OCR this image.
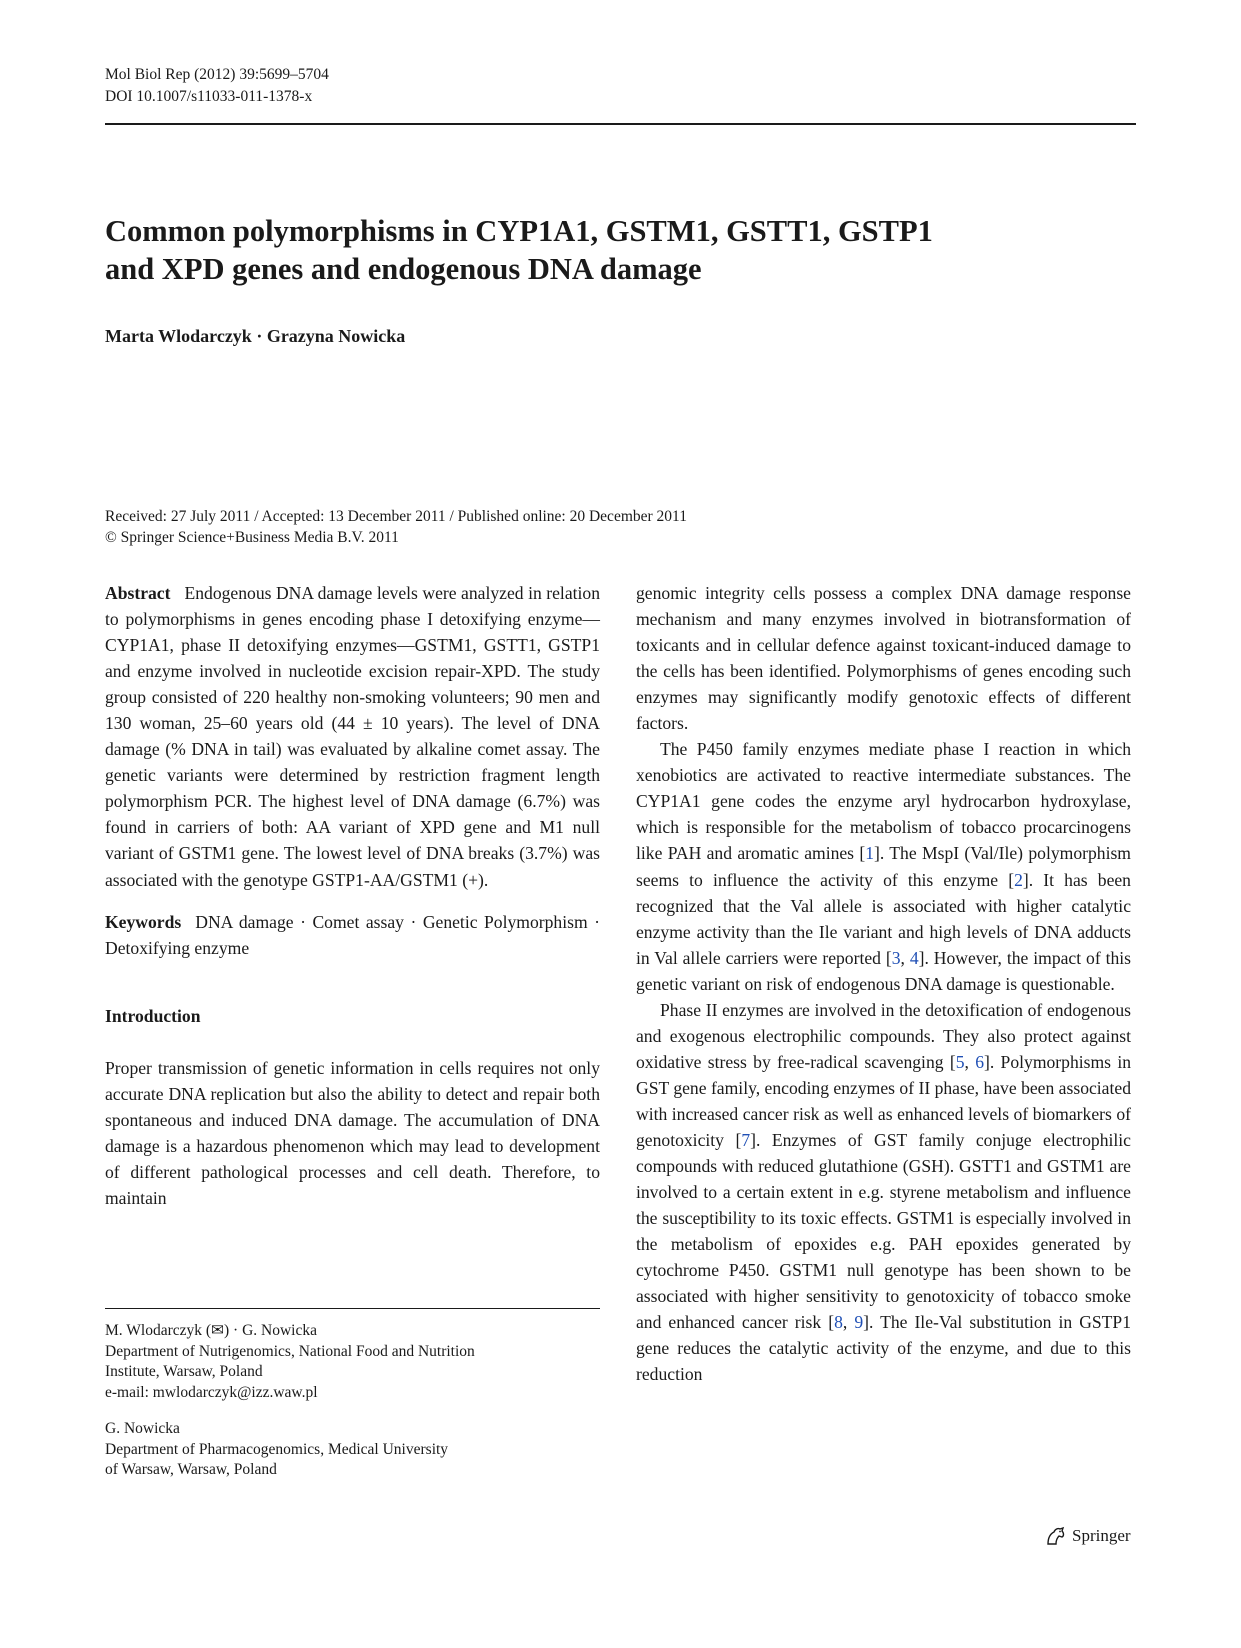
Mol Biol Rep (2012) 39:5699–5704
DOI 10.1007/s11033-011-1378-x
Common polymorphisms in CYP1A1, GSTM1, GSTT1, GSTP1
and XPD genes and endogenous DNA damage
Marta Wlodarczyk · Grazyna Nowicka
Received: 27 July 2011 / Accepted: 13 December 2011 / Published online: 20 December 2011
© Springer Science+Business Media B.V. 2011

Abstract Endogenous DNA damage levels were analyzed in relation to polymorphisms in genes encoding phase I detoxifying enzyme—CYP1A1, phase II detoxifying enzymes—GSTM1, GSTT1, GSTP1 and enzyme involved in nucleotide excision repair-XPD. The study group consisted of 220 healthy non-smoking volunteers; 90 men and 130 woman, 25–60 years old (44 ± 10 years). The level of DNA damage (% DNA in tail) was evaluated by alkaline comet assay. The genetic variants were determined by restriction fragment length polymorphism PCR. The highest level of DNA damage (6.7%) was found in carriers of both: AA variant of XPD gene and M1 null variant of GSTM1 gene. The lowest level of DNA breaks (3.7%) was associated with the genotype GSTP1-AA/GSTM1 (+).

Keywords DNA damage · Comet assay · Genetic Polymorphism · Detoxifying enzyme

Introduction

Proper transmission of genetic information in cells requires not only accurate DNA replication but also the ability to detect and repair both spontaneous and induced DNA damage. The accumulation of DNA damage is a hazardous phenomenon which may lead to development of different pathological processes and cell death. Therefore, to maintain

M. Wlodarczyk (✉) · G. Nowicka
Department of Nutrigenomics, National Food and Nutrition
Institute, Warsaw, Poland
e-mail: mwlodarczyk@izz.waw.pl
G. Nowicka
Department of Pharmacogenomics, Medical University
of Warsaw, Warsaw, Poland

genomic integrity cells possess a complex DNA damage response mechanism and many enzymes involved in biotransformation of toxicants and in cellular defence against toxicant-induced damage to the cells has been identified. Polymorphisms of genes encoding such enzymes may significantly modify genotoxic effects of different factors.

The P450 family enzymes mediate phase I reaction in which xenobiotics are activated to reactive intermediate substances. The CYP1A1 gene codes the enzyme aryl hydrocarbon hydroxylase, which is responsible for the metabolism of tobacco procarcinogens like PAH and aromatic amines [1]. The MspI (Val/Ile) polymorphism seems to influence the activity of this enzyme [2]. It has been recognized that the Val allele is associated with higher catalytic enzyme activity than the Ile variant and high levels of DNA adducts in Val allele carriers were reported [3, 4]. However, the impact of this genetic variant on risk of endogenous DNA damage is questionable.

Phase II enzymes are involved in the detoxification of endogenous and exogenous electrophilic compounds. They also protect against oxidative stress by free-radical scavenging [5, 6]. Polymorphisms in GST gene family, encoding enzymes of II phase, have been associated with increased cancer risk as well as enhanced levels of biomarkers of genotoxicity [7]. Enzymes of GST family conjuge electrophilic compounds with reduced glutathione (GSH). GSTT1 and GSTM1 are involved to a certain extent in e.g. styrene metabolism and influence the susceptibility to its toxic effects. GSTM1 is especially involved in the metabolism of epoxides e.g. PAH epoxides generated by cytochrome P450. GSTM1 null genotype has been shown to be associated with higher sensitivity to genotoxicity of tobacco smoke and enhanced cancer risk [8, 9]. The Ile-Val substitution in GSTP1 gene reduces the catalytic activity of the enzyme, and due to this reduction

Springer
